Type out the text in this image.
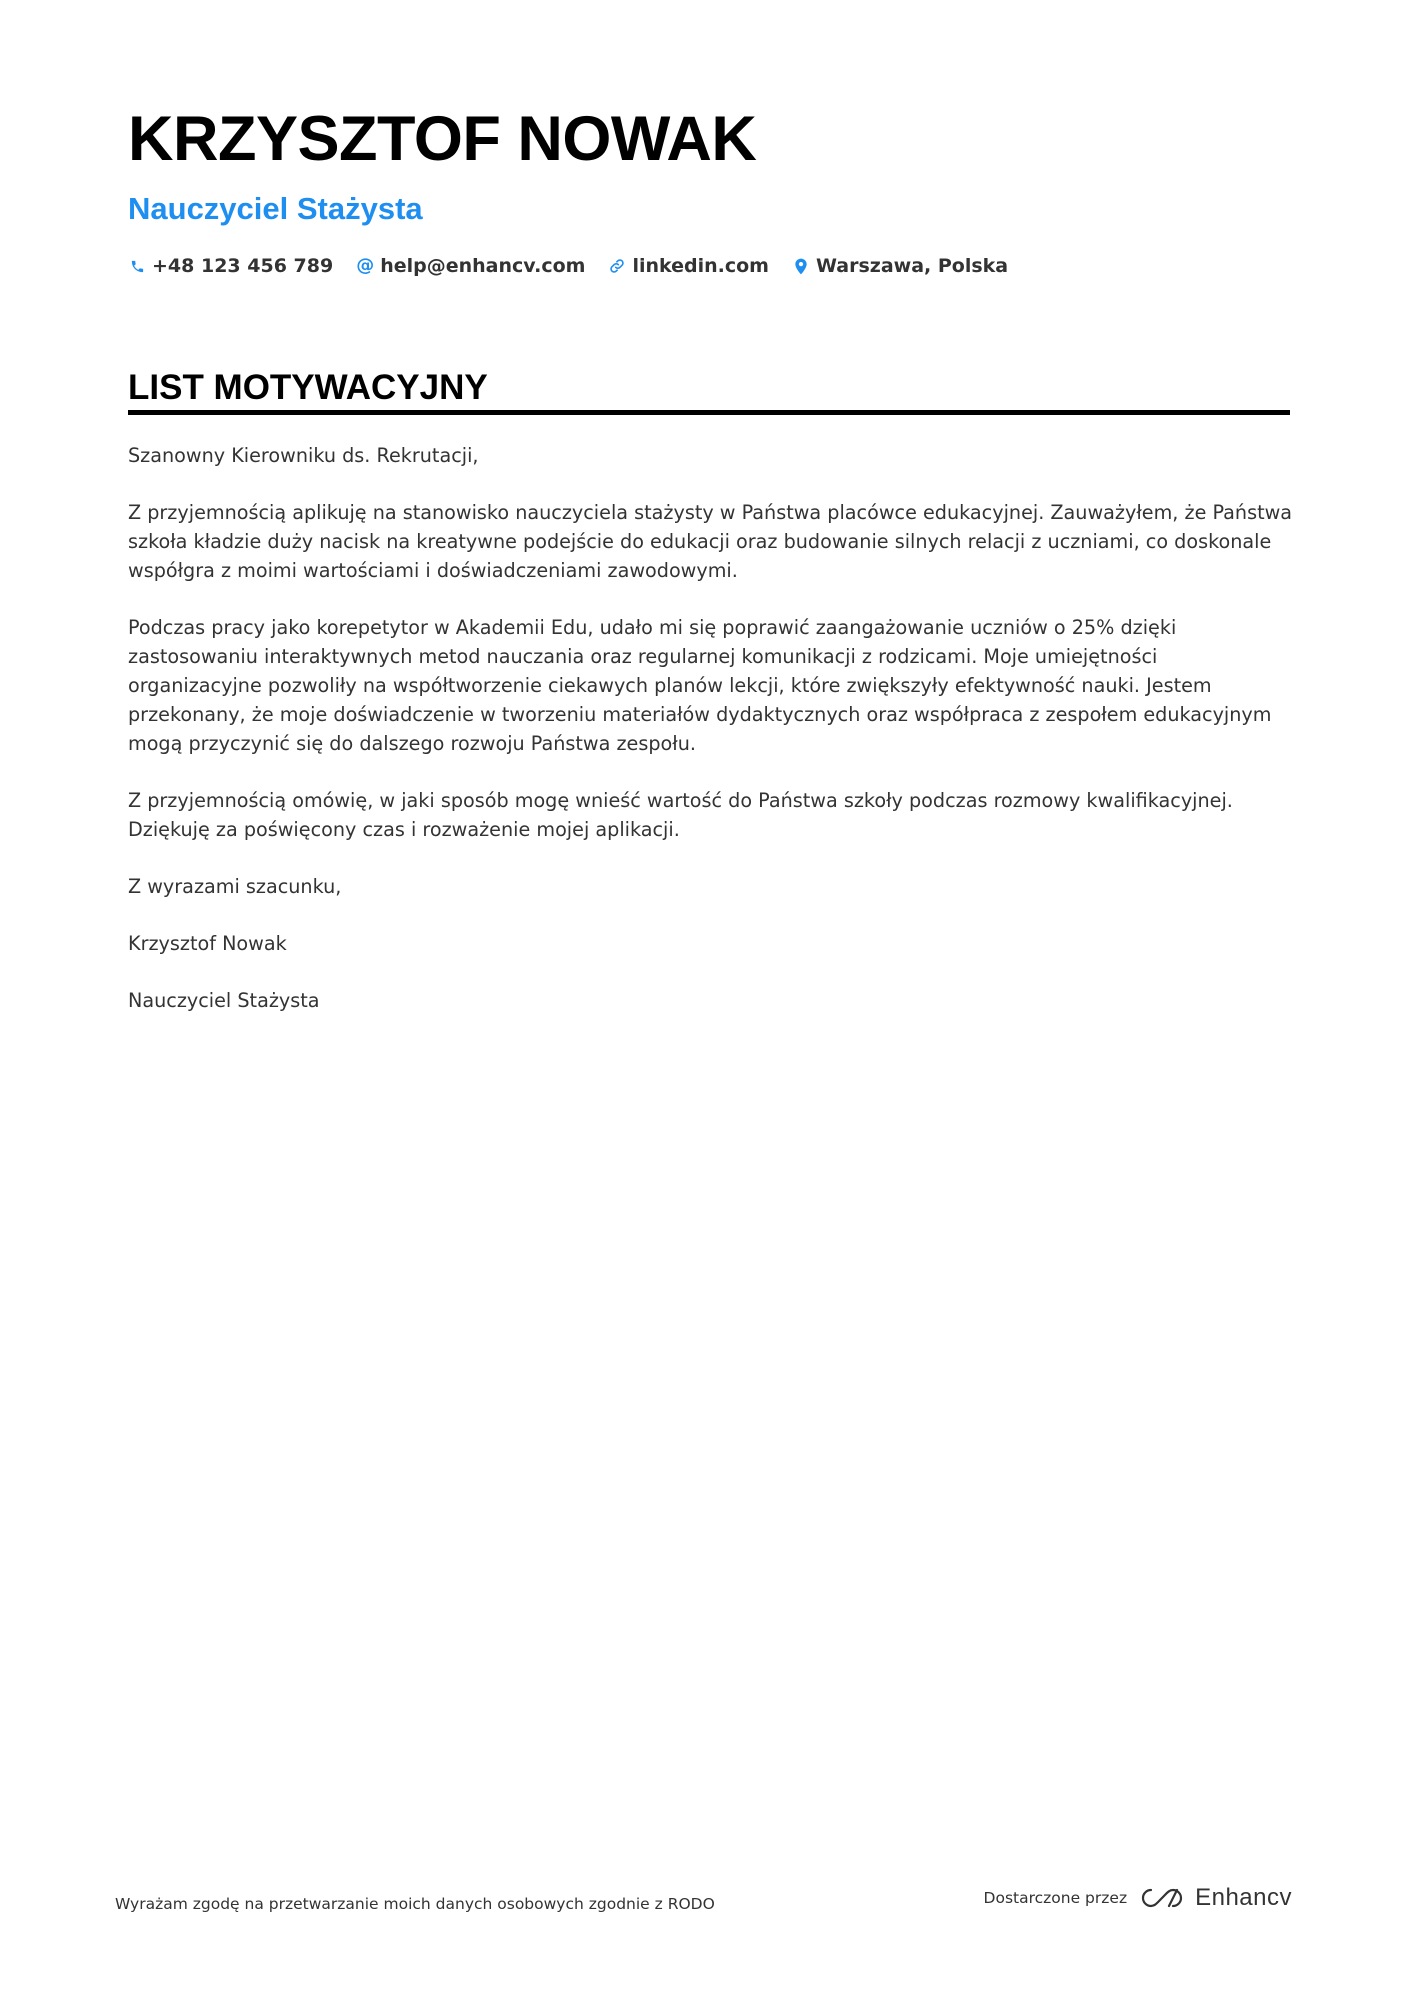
KRZYSZTOF NOWAK
Nauczyciel Stażysta
+48 123 456 789 @ help@enhancv.com linkedin.com Warszawa, Polska
LIST MOTYWACYJNY

Szanowny Kierowniku ds. Rekrutacji,

Z przyjemnością aplikuję na stanowisko nauczyciela stażysty w Państwa placówce edukacyjnej. Zauważyłem, że Państwa szkoła kładzie duży nacisk na kreatywne podejście do edukacji oraz budowanie silnych relacji z uczniami, co doskonale współgra z moimi wartościami i doświadczeniami zawodowymi.

Podczas pracy jako korepetytor w Akademii Edu, udało mi się poprawić zaangażowanie uczniów o 25% dzięki zastosowaniu interaktywnych metod nauczania oraz regularnej komunikacji z rodzicami. Moje umiejętności organizacyjne pozwoliły na współtworzenie ciekawych planów lekcji, które zwiększyły efektywność nauki. Jestem przekonany, że moje doświadczenie w tworzeniu materiałów dydaktycznych oraz współpraca z zespołem edukacyjnym mogą przyczynić się do dalszego rozwoju Państwa zespołu.

Z przyjemnością omówię, w jaki sposób mogę wnieść wartość do Państwa szkoły podczas rozmowy kwalifikacyjnej. Dziękuję za poświęcony czas i rozważenie mojej aplikacji.

Z wyrazami szacunku,

Krzysztof Nowak

Nauczyciel Stażysta

Wyrażam zgodę na przetwarzanie moich danych osobowych zgodnie z RODO	Dostarczone przez	Enhancv
